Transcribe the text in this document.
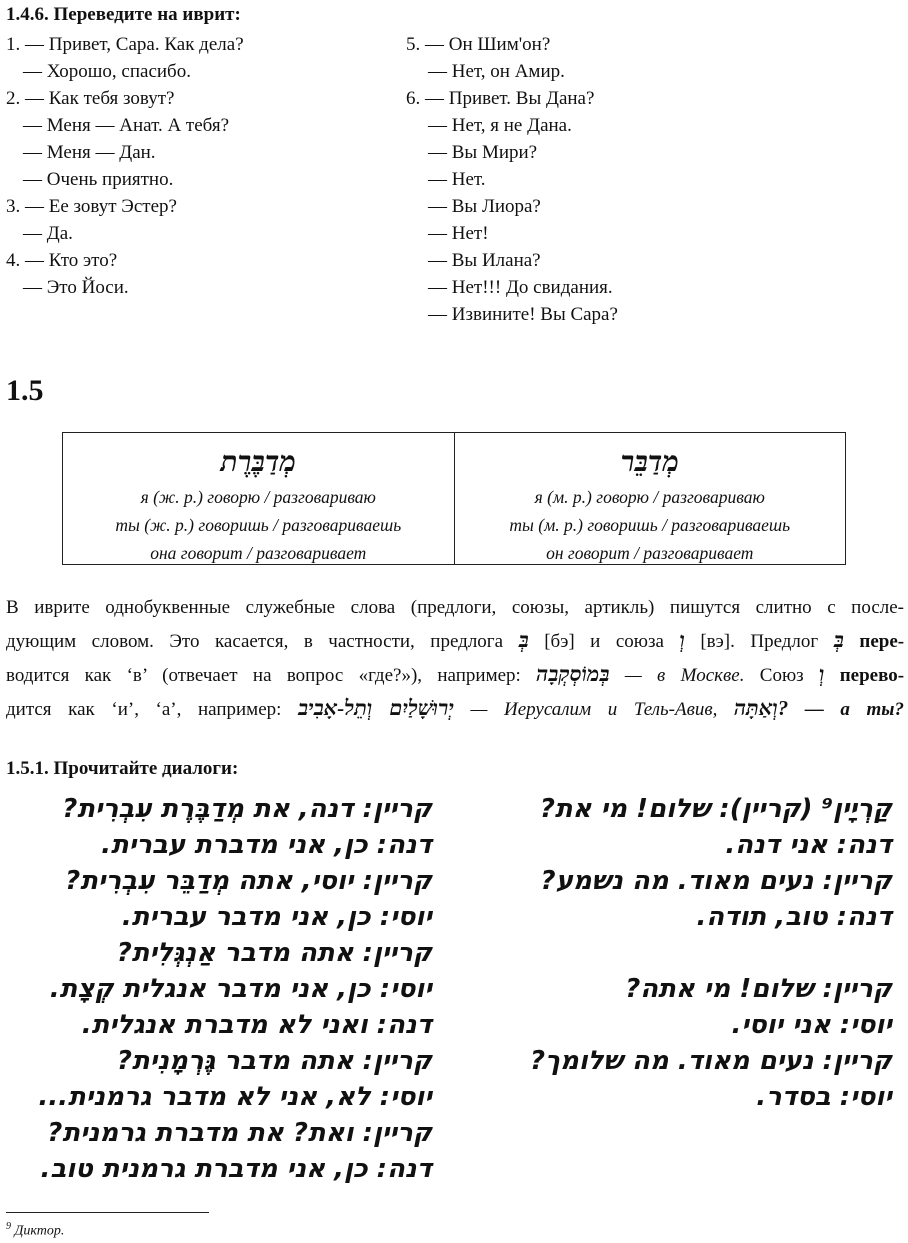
1.4.6. Переведите на иврит:
1. — Привет, Сара. Как дела?
— Хорошо, спасибо.
2. — Как тебя зовут?
— Меня — Анат. А тебя?
— Меня — Дан.
— Очень приятно.
3. — Ее зовут Эстер?
— Да.
4. — Кто это?
— Это Йоси.
5. — Он Шим'он?
— Нет, он Амир.
6. — Привет. Вы Дана?
— Нет, я не Дана.
— Вы Мири?
— Нет.
— Вы Лиора?
— Нет!
— Вы Илана?
— Нет!!! До свидания.
— Извините! Вы Сара?
1.5
מְדַבֶּרֶת
я (ж. р.) говорю / разговариваю
ты (ж. р.) говоришь / разговариваешь
она говорит / разговаривает
מְדַבֵּר
я (м. р.) говорю / разговариваю
ты (м. р.) говоришь / разговариваешь
он говорит / разговаривает
В иврите однобуквенные служебные слова (предлоги, союзы, артикль) пишутся слитно с после-
дующим словом. Это касается, в частности, предлога בְּ [бэ] и союза וְ [вэ]. Предлог בְּ пере-
водится как ‘в’ (отвечает на вопрос «где?»), например: בְּמוֹסְקְבָה — в Москве. Союз וְ перево-
дится как ‘и’, ‘а’, например: יְרוּשָׁלַיִם וְתֵל-אָבִיב — Иерусалим и Тель-Авив, ?וְאַתָּה — а ты?
1.5.1. Прочитайте диалоги:
קריין: דנה, את מְדַבֶּרֶת עִבְרִית?
דנה: כן, אני מדברת עברית.
קריין: יוסי, אתה מְדַבֵּר עִבְרִית?
יוסי: כן, אני מדבר עברית.
קריין: אתה מדבר אַנְגְּלִית?
יוסי: כן, אני מדבר אנגלית קְצָת.
דנה: ואני לא מדברת אנגלית.
קריין: אתה מדבר גֶּרְמָנִית?
יוסי: לא, אני לא מדבר גרמנית...
קריין: ואת? את מדברת גרמנית?
דנה: כן, אני מדברת גרמנית טוב.
קַרְיָין⁹ (קריין): שלום! מי את?
דנה: אני דנה.
קריין: נעים מאוד. מה נשמע?
דנה: טוב, תודה.
קריין: שלום! מי אתה?
יוסי: אני יוסי.
קריין: נעים מאוד. מה שלומך?
יוסי: בסדר.
$^9$ Диктор.
